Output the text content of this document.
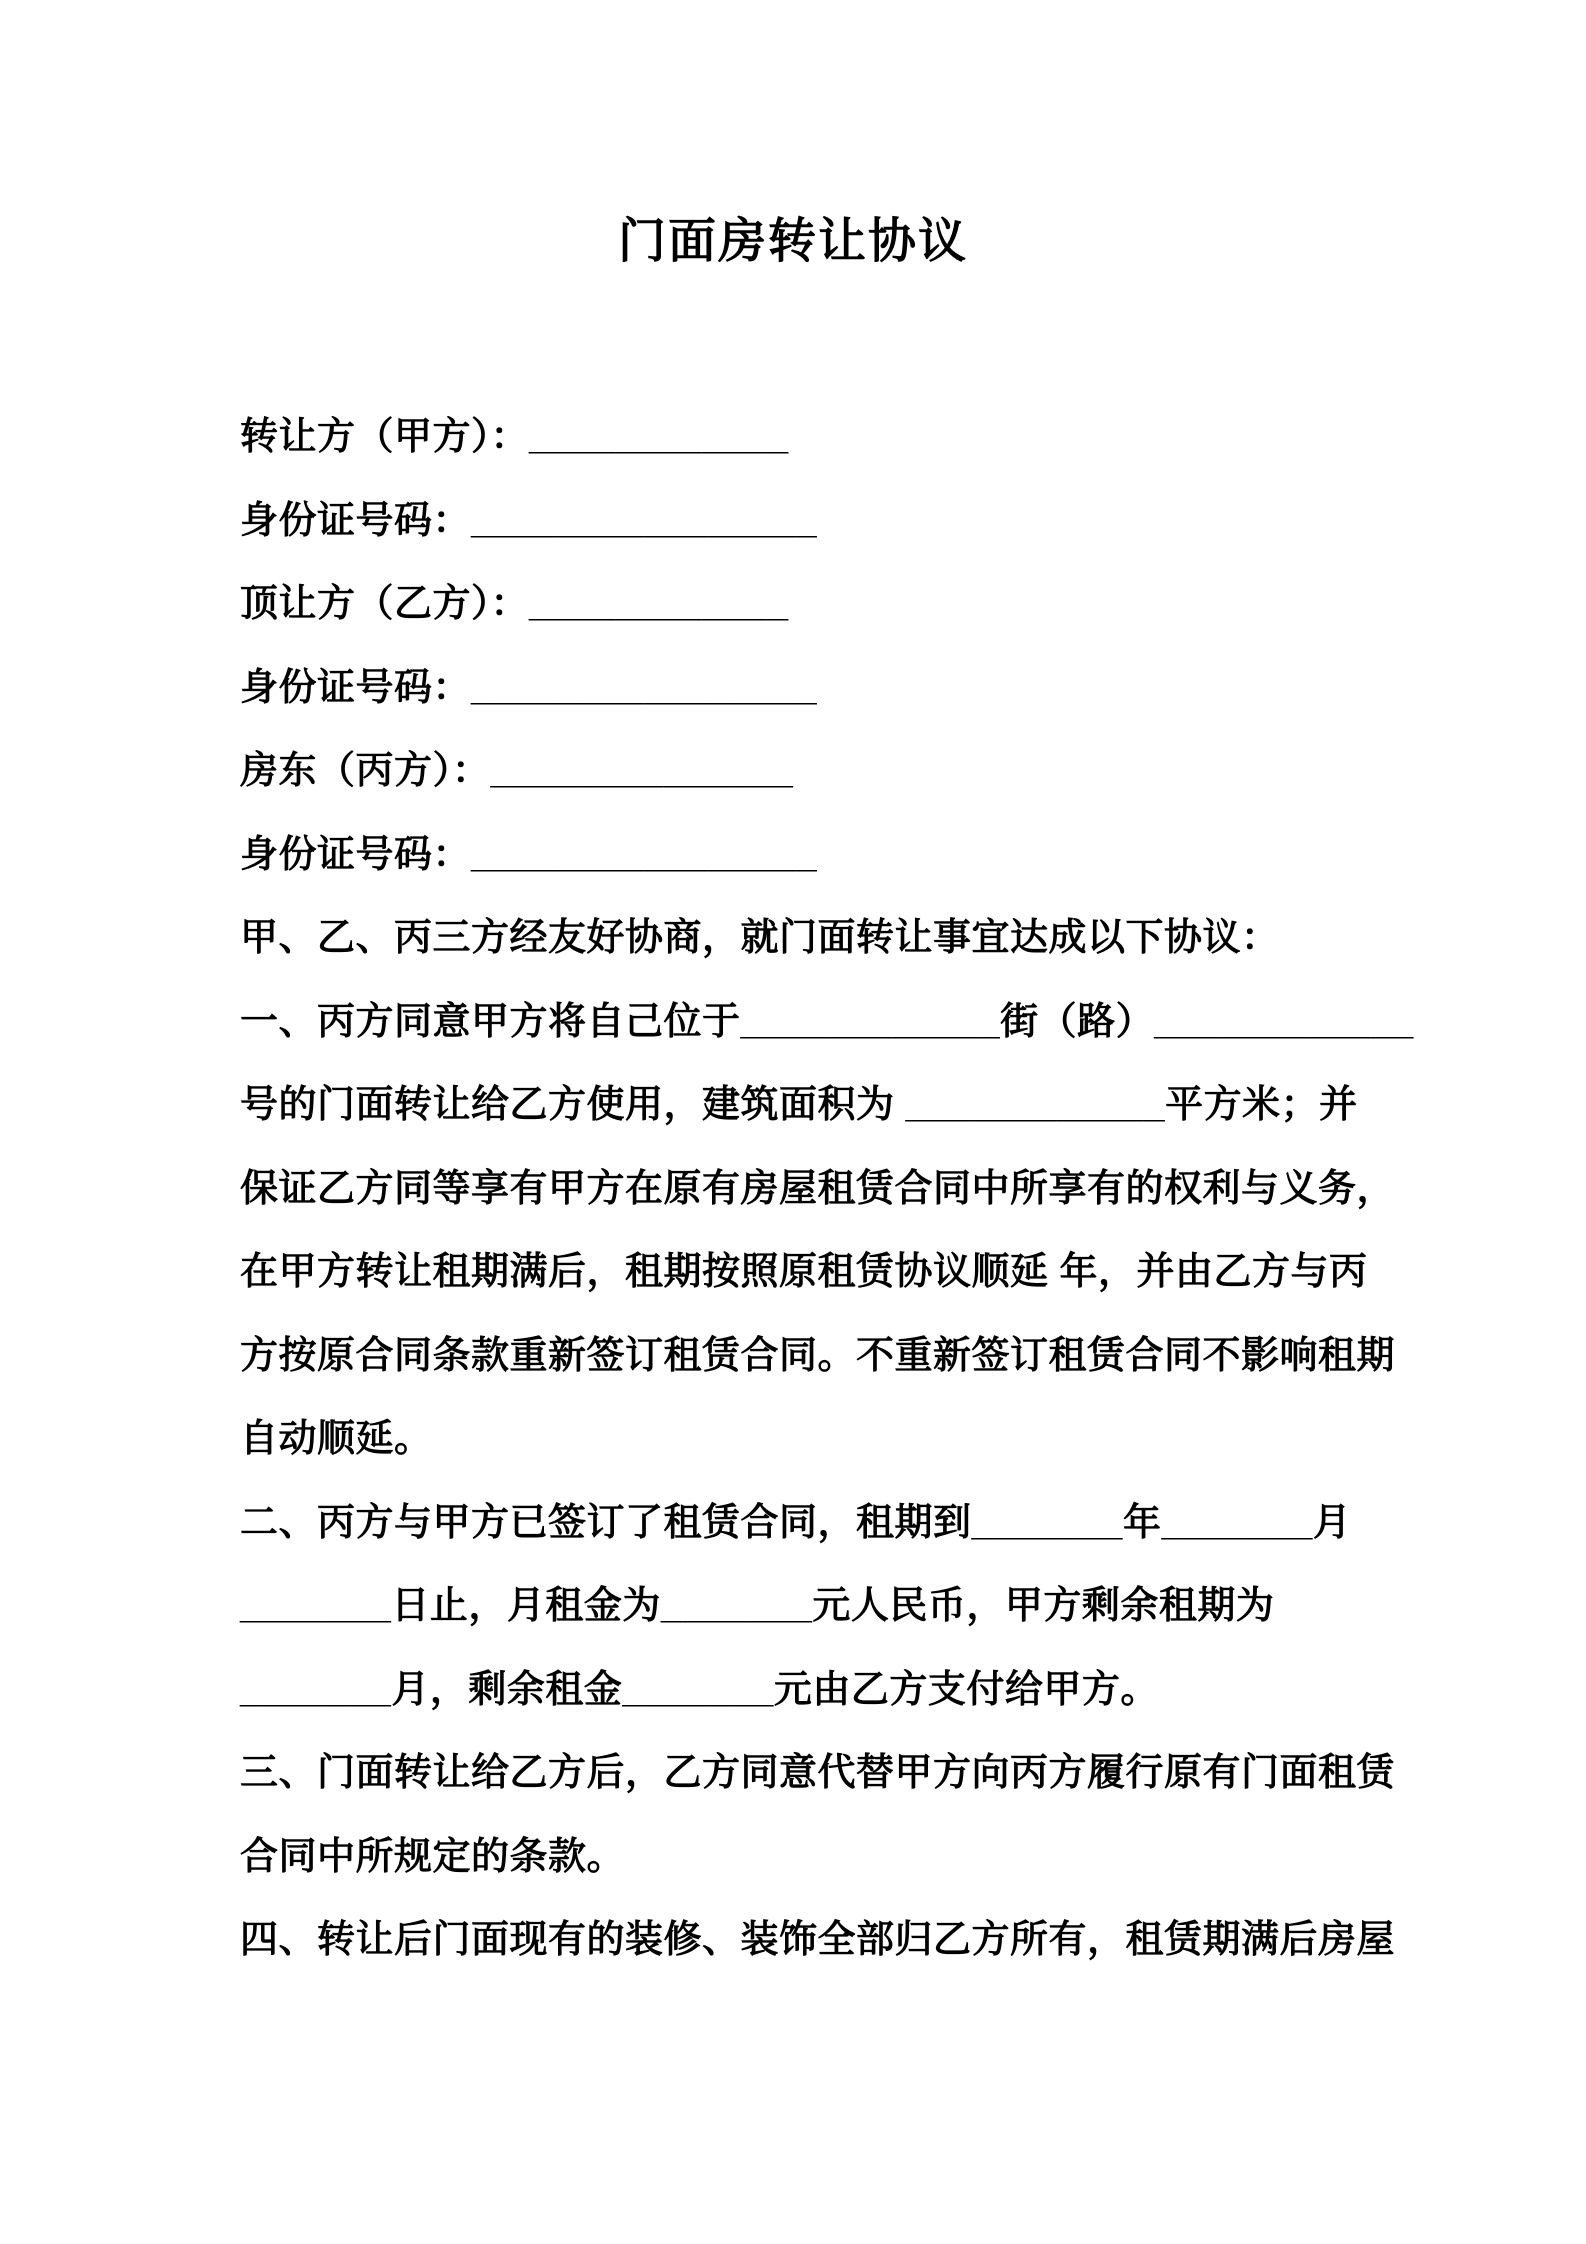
门面房转让协议
转让方（甲方）：____________
身份证号码：________________
顶让方（乙方）：____________
身份证号码：________________
房东（丙方）：______________
身份证号码：________________
甲、乙、丙三方经友好协商，就门面转让事宜达成以下协议：
一、丙方同意甲方将自己位于____________街（路）____________
号的门面转让给乙方使用，建筑面积为 ____________平方米；并
保证乙方同等享有甲方在原有房屋租赁合同中所享有的权利与义务，
在甲方转让租期满后，租期按照原租赁协议顺延 年，并由乙方与丙
方按原合同条款重新签订租赁合同。不重新签订租赁合同不影响租期
自动顺延。
二、丙方与甲方已签订了租赁合同，租期到_______年_______月
_______日止，月租金为_______元人民币，甲方剩余租期为
_______月，剩余租金_______元由乙方支付给甲方。
三、门面转让给乙方后，乙方同意代替甲方向丙方履行原有门面租赁
合同中所规定的条款。
四、转让后门面现有的装修、装饰全部归乙方所有，租赁期满后房屋
